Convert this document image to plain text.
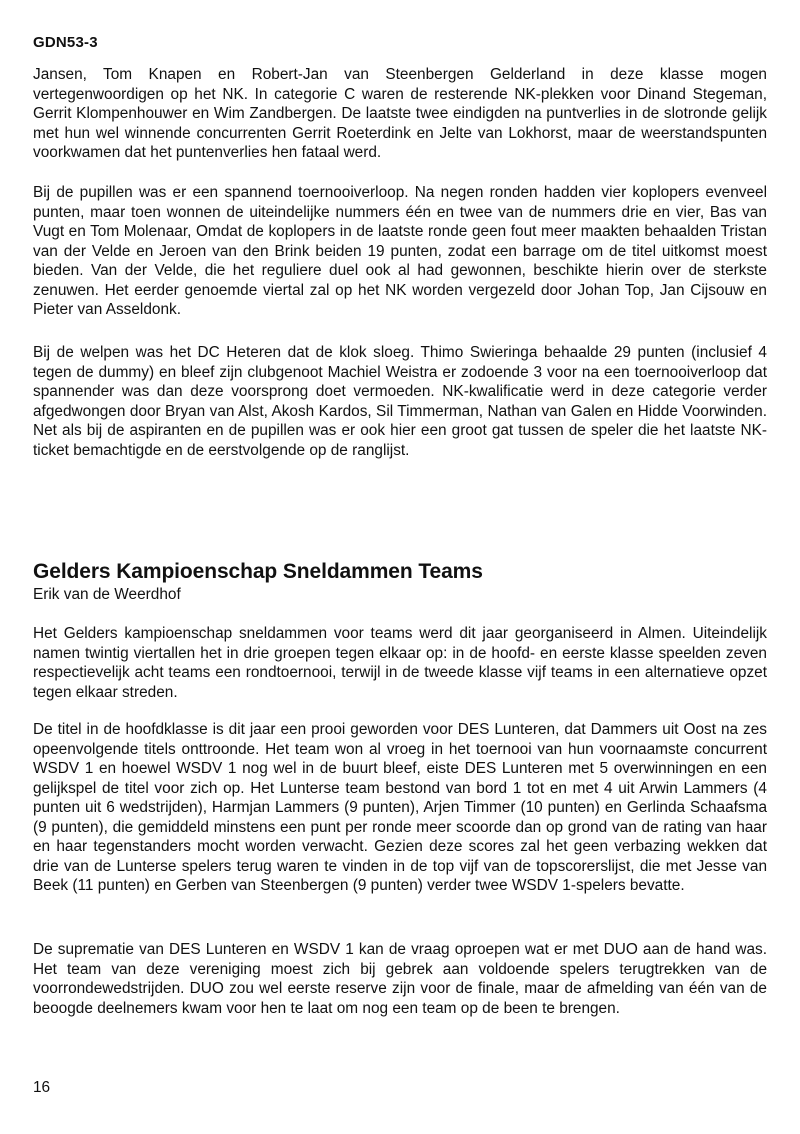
GDN53-3

Jansen, Tom Knapen en Robert-Jan van Steenbergen Gelderland in deze klasse mogen vertegenwoordigen op het NK. In categorie C waren de resterende NK-plekken voor Dinand Stegeman, Gerrit Klompenhouwer en Wim Zandbergen. De laatste twee eindigden na puntverlies in de slotronde gelijk met hun wel winnende concurrenten Gerrit Roeterdink en Jelte van Lokhorst, maar de weerstandspunten voorkwamen dat het puntenverlies hen fataal werd.

Bij de pupillen was er een spannend toernooiverloop. Na negen ronden hadden vier koplopers evenveel punten, maar toen wonnen de uiteindelijke nummers één en twee van de nummers drie en vier, Bas van Vugt en Tom Molenaar, Omdat de koplopers in de laatste ronde geen fout meer maakten behaalden Tristan van der Velde en Jeroen van den Brink beiden 19 punten, zodat een barrage om de titel uitkomst moest bieden. Van der Velde, die het reguliere duel ook al had gewonnen, beschikte hierin over de sterkste zenuwen. Het eerder genoemde viertal zal op het NK worden vergezeld door Johan Top, Jan Cijsouw en Pieter van Asseldonk.

Bij de welpen was het DC Heteren dat de klok sloeg. Thimo Swieringa behaalde 29 punten (inclusief 4 tegen de dummy) en bleef zijn clubgenoot Machiel Weistra er zodoende 3 voor na een toernooiverloop dat spannender was dan deze voorsprong doet vermoeden. NK-kwalificatie werd in deze categorie verder afgedwongen door Bryan van Alst, Akosh Kardos, Sil Timmerman, Nathan van Galen en Hidde Voorwinden. Net als bij de aspiranten en de pupillen was er ook hier een groot gat tussen de speler die het laatste NK-ticket bemachtigde en de eerstvolgende op de ranglijst.

Gelders Kampioenschap Sneldammen Teams
Erik van de Weerdhof

Het Gelders kampioenschap sneldammen voor teams werd dit jaar georganiseerd in Almen. Uiteindelijk namen twintig viertallen het in drie groepen tegen elkaar op: in de hoofd- en eerste klasse speelden zeven respectievelijk acht teams een rondtoernooi, terwijl in de tweede klasse vijf teams in een alternatieve opzet tegen elkaar streden.

De titel in de hoofdklasse is dit jaar een prooi geworden voor DES Lunteren, dat Dammers uit Oost na zes opeenvolgende titels onttroonde. Het team won al vroeg in het toernooi van hun voornaamste concurrent WSDV 1 en hoewel WSDV 1 nog wel in de buurt bleef, eiste DES Lunteren met 5 overwinningen en een gelijkspel de titel voor zich op. Het Lunterse team bestond van bord 1 tot en met 4 uit Arwin Lammers (4 punten uit 6 wedstrijden), Harmjan Lammers (9 punten), Arjen Timmer (10 punten) en Gerlinda Schaafsma (9 punten), die gemiddeld minstens een punt per ronde meer scoorde dan op grond van de rating van haar en haar tegenstanders mocht worden verwacht. Gezien deze scores zal het geen verbazing wekken dat drie van de Lunterse spelers terug waren te vinden in de top vijf van de topscorerslijst, die met Jesse van Beek (11 punten) en Gerben van Steenbergen (9 punten) verder twee WSDV 1-spelers bevatte.

De suprematie van DES Lunteren en WSDV 1 kan de vraag oproepen wat er met DUO aan de hand was. Het team van deze vereniging moest zich bij gebrek aan voldoende spelers terugtrekken van de voorrondewedstrijden. DUO zou wel eerste reserve zijn voor de finale, maar de afmelding van één van de beoogde deelnemers kwam voor hen te laat om nog een team op de been te brengen.

16
